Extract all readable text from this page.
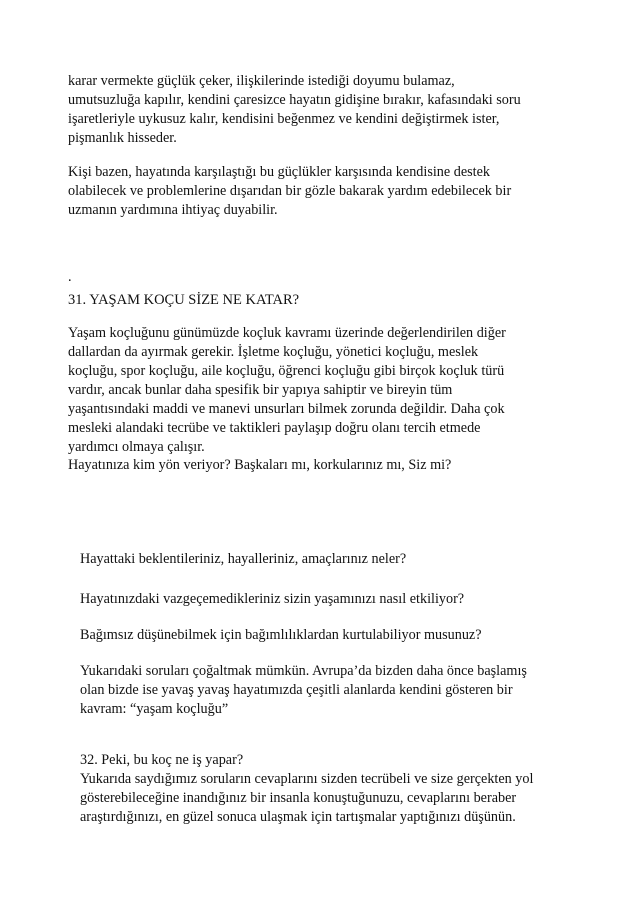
karar vermekte güçlük çeker, ilişkilerinde istediği doyumu bulamaz,
umutsuzluğa kapılır, kendini çaresizce hayatın gidişine bırakır, kafasındaki soru
işaretleriyle uykusuz kalır, kendisini beğenmez ve kendini değiştirmek ister,
pişmanlık hisseder.

Kişi bazen, hayatında karşılaştığı bu güçlükler karşısında kendisine destek
olabilecek ve problemlerine dışarıdan bir gözle bakarak yardım edebilecek bir
uzmanın yardımına ihtiyaç duyabilir.

.

31. YAŞAM KOÇU SİZE NE KATAR?

Yaşam koçluğunu günümüzde koçluk kavramı üzerinde değerlendirilen diğer
dallardan da ayırmak gerekir. İşletme koçluğu, yönetici koçluğu, meslek
koçluğu, spor koçluğu, aile koçluğu, öğrenci koçluğu gibi birçok koçluk türü
vardır, ancak bunlar daha spesifik bir yapıya sahiptir ve bireyin tüm
yaşantısındaki maddi ve manevi unsurları bilmek zorunda değildir. Daha çok
mesleki alandaki tecrübe ve taktikleri paylaşıp doğru olanı tercih etmede
yardımcı olmaya çalışır.

Hayatınıza kim yön veriyor? Başkaları mı, korkularınız mı, Siz mi?

Hayattaki beklentileriniz, hayalleriniz, amaçlarınız neler?

Hayatınızdaki vazgeçemedikleriniz sizin yaşamınızı nasıl etkiliyor?

Bağımsız düşünebilmek için bağımlılıklardan kurtulabiliyor musunuz?

Yukarıdaki soruları çoğaltmak mümkün. Avrupa’da bizden daha önce başlamış
olan bizde ise yavaş yavaş hayatımızda çeşitli alanlarda kendini gösteren bir
kavram: “yaşam koçluğu”

32. Peki, bu koç ne iş yapar?

Yukarıda saydığımız soruların cevaplarını sizden tecrübeli ve size gerçekten yol
gösterebileceğine inandığınız bir insanla konuştuğunuzu, cevaplarını beraber
araştırdığınızı, en güzel sonuca ulaşmak için tartışmalar yaptığınızı düşünün.
